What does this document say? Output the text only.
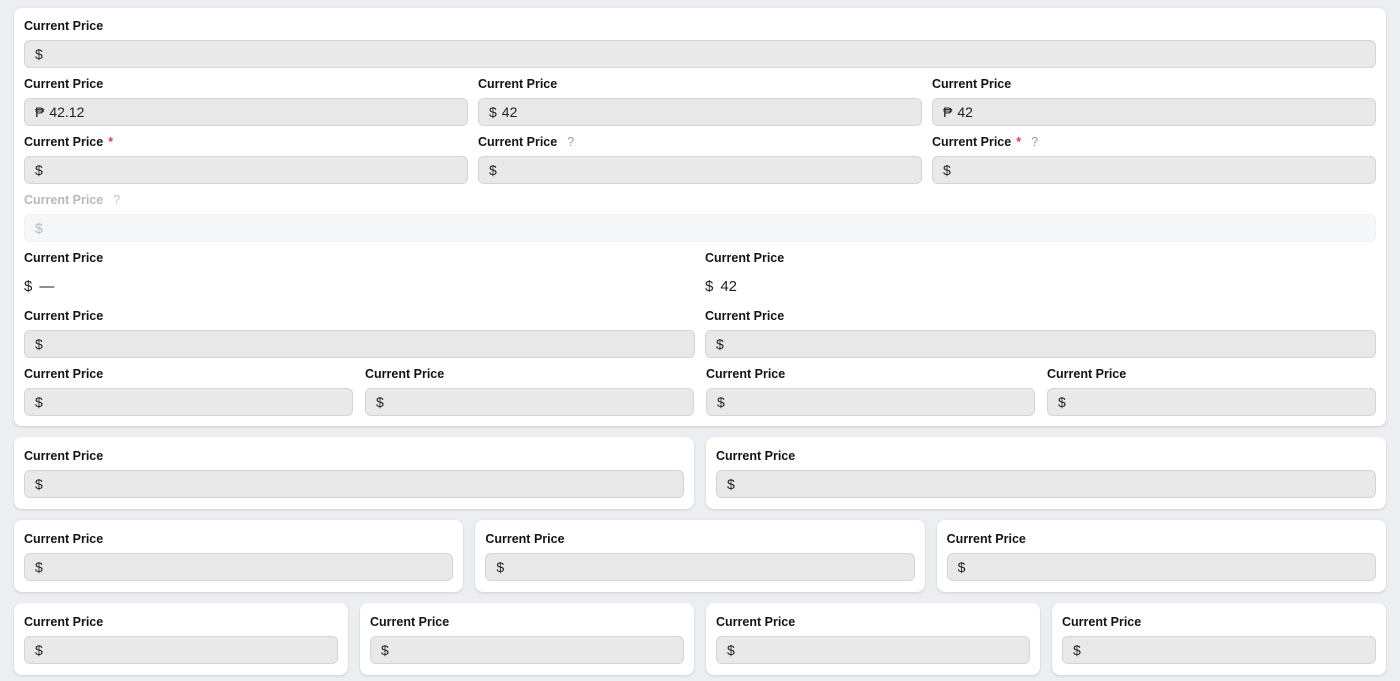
Current Price
$
Current Price
₱
42.12
Current Price
$
42
Current Price
₱
42
Current Price *
$
Current Price ?
$
Current Price * ?
$
Current Price ?
$
Current Price
$ —
Current Price
$ 42
Current Price
$
Current Price
$
Current Price
$
Current Price
$
Current Price
$
Current Price
$
Current Price
$
Current Price
$
Current Price
$
Current Price
$
Current Price
$
Current Price
$
Current Price
$
Current Price
$
Current Price
$
